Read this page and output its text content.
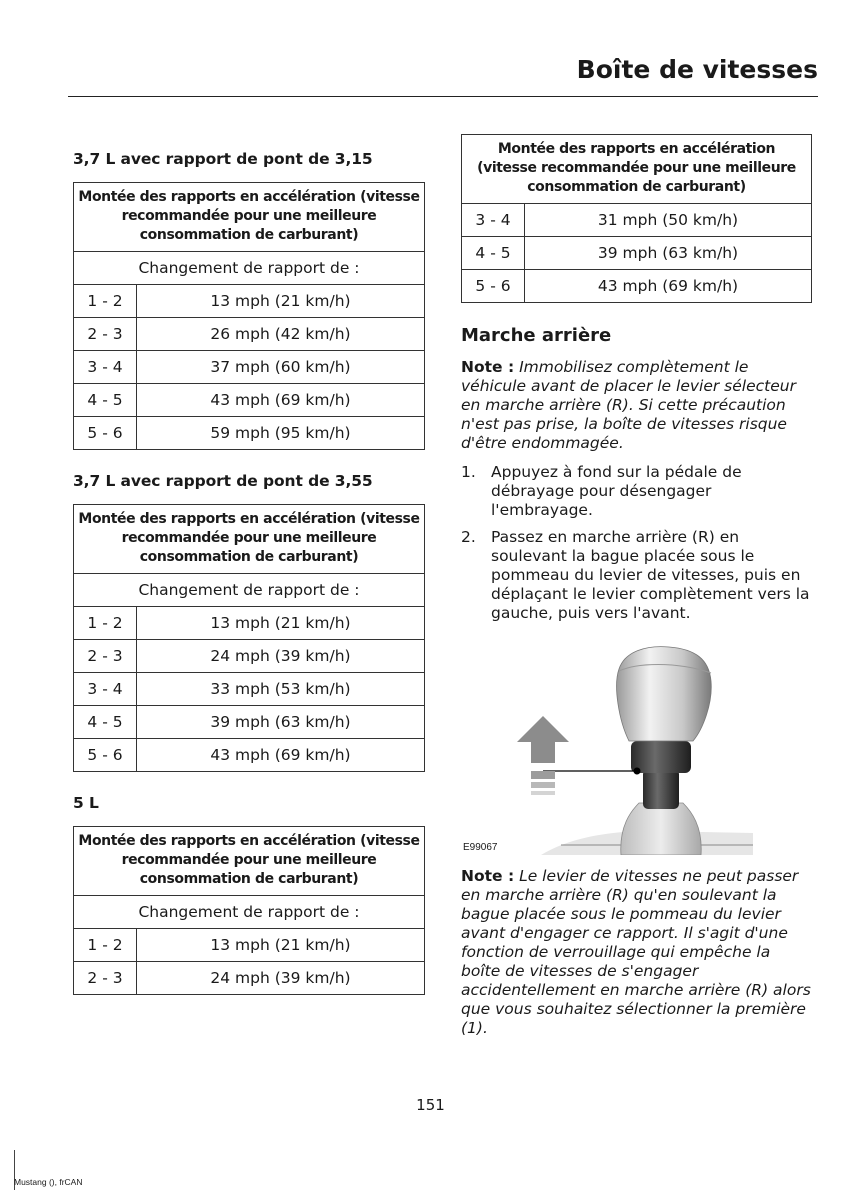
Boîte de vitesses
3,7 L avec rapport de pont de 3,15
Montée des rapports en accélération (vitesse recommandée pour une meilleure consommation de carburant)	
Changement de rapport de :	
1 - 2	13 mph (21 km/h)
2 - 3	26 mph (42 km/h)
3 - 4	37 mph (60 km/h)
4 - 5	43 mph (69 km/h)
5 - 6	59 mph (95 km/h)
3,7 L avec rapport de pont de 3,55
Montée des rapports en accélération (vitesse recommandée pour une meilleure consommation de carburant)	
Changement de rapport de :	
1 - 2	13 mph (21 km/h)
2 - 3	24 mph (39 km/h)
3 - 4	33 mph (53 km/h)
4 - 5	39 mph (63 km/h)
5 - 6	43 mph (69 km/h)
5 L
Montée des rapports en accélération (vitesse recommandée pour une meilleure consommation de carburant)	
Changement de rapport de :	
1 - 2	13 mph (21 km/h)
2 - 3	24 mph (39 km/h)
Montée des rapports en accélération (vitesse recommandée pour une meilleure consommation de carburant)	
3 - 4	31 mph (50 km/h)
4 - 5	39 mph (63 km/h)
5 - 6	43 mph (69 km/h)
Marche arrière

Note : Immobilisez complètement le véhicule avant de placer le levier sélecteur en marche arrière (R). Si cette précaution n'est pas prise, la boîte de vitesses risque d'être endommagée.

1. Appuyez à fond sur la pédale de débrayage pour désengager l'embrayage.
2. Passez en marche arrière (R) en soulevant la bague placée sous le pommeau du levier de vitesses, puis en déplaçant le levier complètement vers la gauche, puis vers l'avant.
E99067

Note : Le levier de vitesses ne peut passer en marche arrière (R) qu'en soulevant la bague placée sous le pommeau du levier avant d'engager ce rapport. Il s'agit d'une fonction de verrouillage qui empêche la boîte de vitesses de s'engager accidentellement en marche arrière (R) alors que vous souhaitez sélectionner la première (1).

151
Mustang (), frCAN
